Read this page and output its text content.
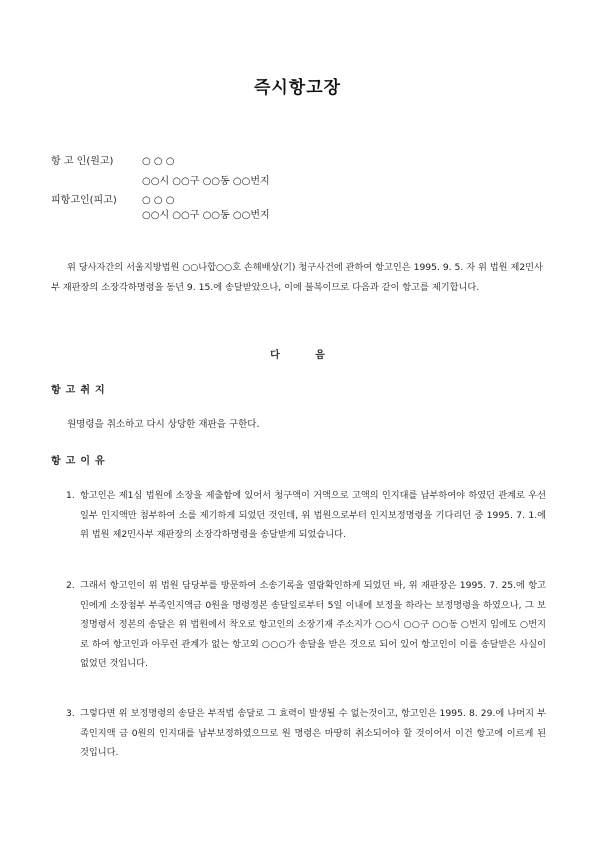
즉시항고장
항 고 인(원고)	○ ○ ○
○○시 ○○구 ○○동 ○○번지
피항고인(피고)	○ ○ ○
○○시 ○○구 ○○동 ○○번지
위 당사자간의 서울지방법원 ○○나합○○호 손해배상(기) 청구사건에 관하여 항고인은 1995. 9. 5. 자 위 법원 제2민사부 재판장의 소장각하명령을 동년 9. 15.에 송달받았으나, 이에 불복이므로 다음과 같이 항고를 제기합니다.
다 음
항고취지
원명령을 취소하고 다시 상당한 재판을 구한다.
항고이유
1. 항고인은 제1심 법원에 소장을 제출함에 있어서 청구액이 거액으로 고액의 인지대를 납부하여야 하였던 관계로 우선 일부 인지액만 첨부하여 소를 제기하게 되었던 것인데, 위 법원으로부터 인지보정명령을 기다리던 중 1995. 7. 1.에 위 법원 제2민사부 재판장의 소장각하명령을 송달받게 되었습니다.
2. 그래서 항고인이 위 법원 담당부를 방문하여 소송기록을 열람확인하게 되었던 바, 위 재판장은 1995. 7. 25.에 항고인에게 소장첨부 부족인지액금 0원을 명령정본 송달일로부터 5일 이내에 보정을 하라는 보정명령을 하였으나, 그 보정명령서 정본의 송달은 위 법원에서 착오로 항고인의 소장기재 주소지가 ○○시 ○○구 ○○동 ○번지 임에도 ○번지로 하여 항고인과 아무런 관계가 없는 항고외 ○○○가 송달을 받은 것으로 되어 있어 항고인이 이를 송달받은 사실이 없었던 것입니다.
3. 그렇다면 위 보정명령의 송달은 부적법 송달로 그 효력이 발생될 수 없는것이고, 항고인은 1995. 8. 29.에 나머지 부족인지액 금 0원의 인지대를 납부보정하였으므로 원 명령은 마땅히 취소되어야 할 것이어서 이건 항고에 이르게 된 것입니다.
